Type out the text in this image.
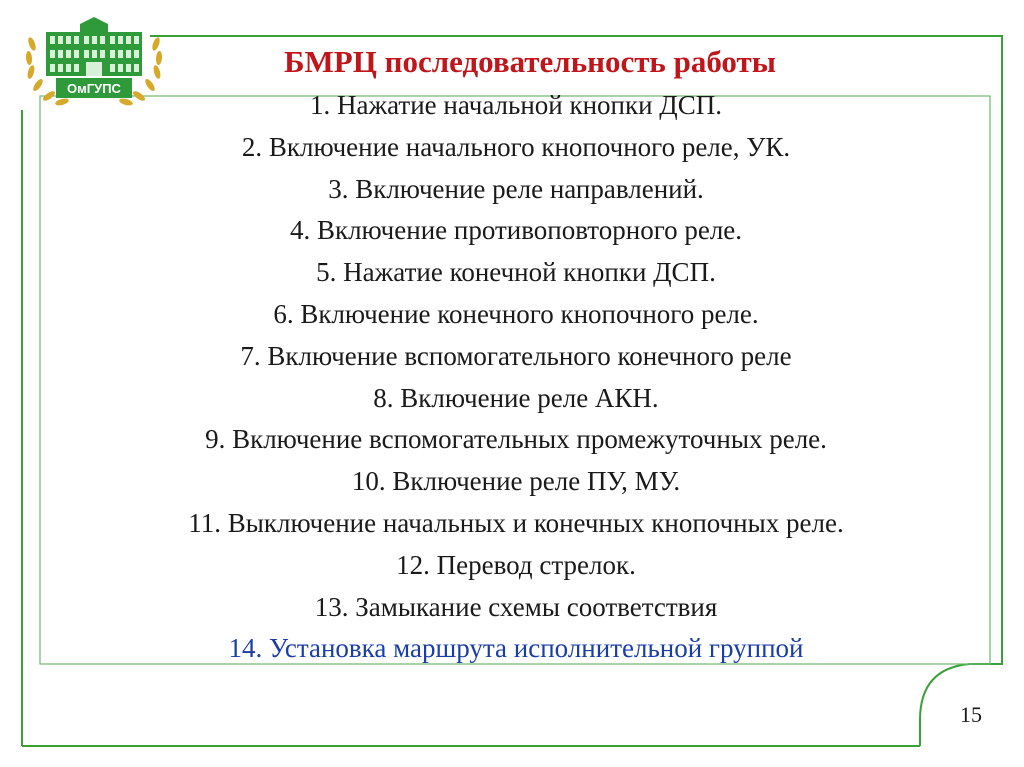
ОмГУПС
БМРЦ последовательность работы
1. Нажатие начальной кнопки ДСП.
2. Включение начального кнопочного реле, УК.
3. Включение реле направлений.
4. Включение противоповторного реле.
5. Нажатие конечной кнопки ДСП.
6. Включение конечного кнопочного реле.
7. Включение вспомогательного конечного реле
8. Включение реле АКН.
9. Включение вспомогательных промежуточных реле.
10. Включение реле ПУ, МУ.
11. Выключение начальных и конечных кнопочных реле.
12. Перевод стрелок.
13. Замыкание схемы соответствия
14. Установка маршрута исполнительной группой
15
